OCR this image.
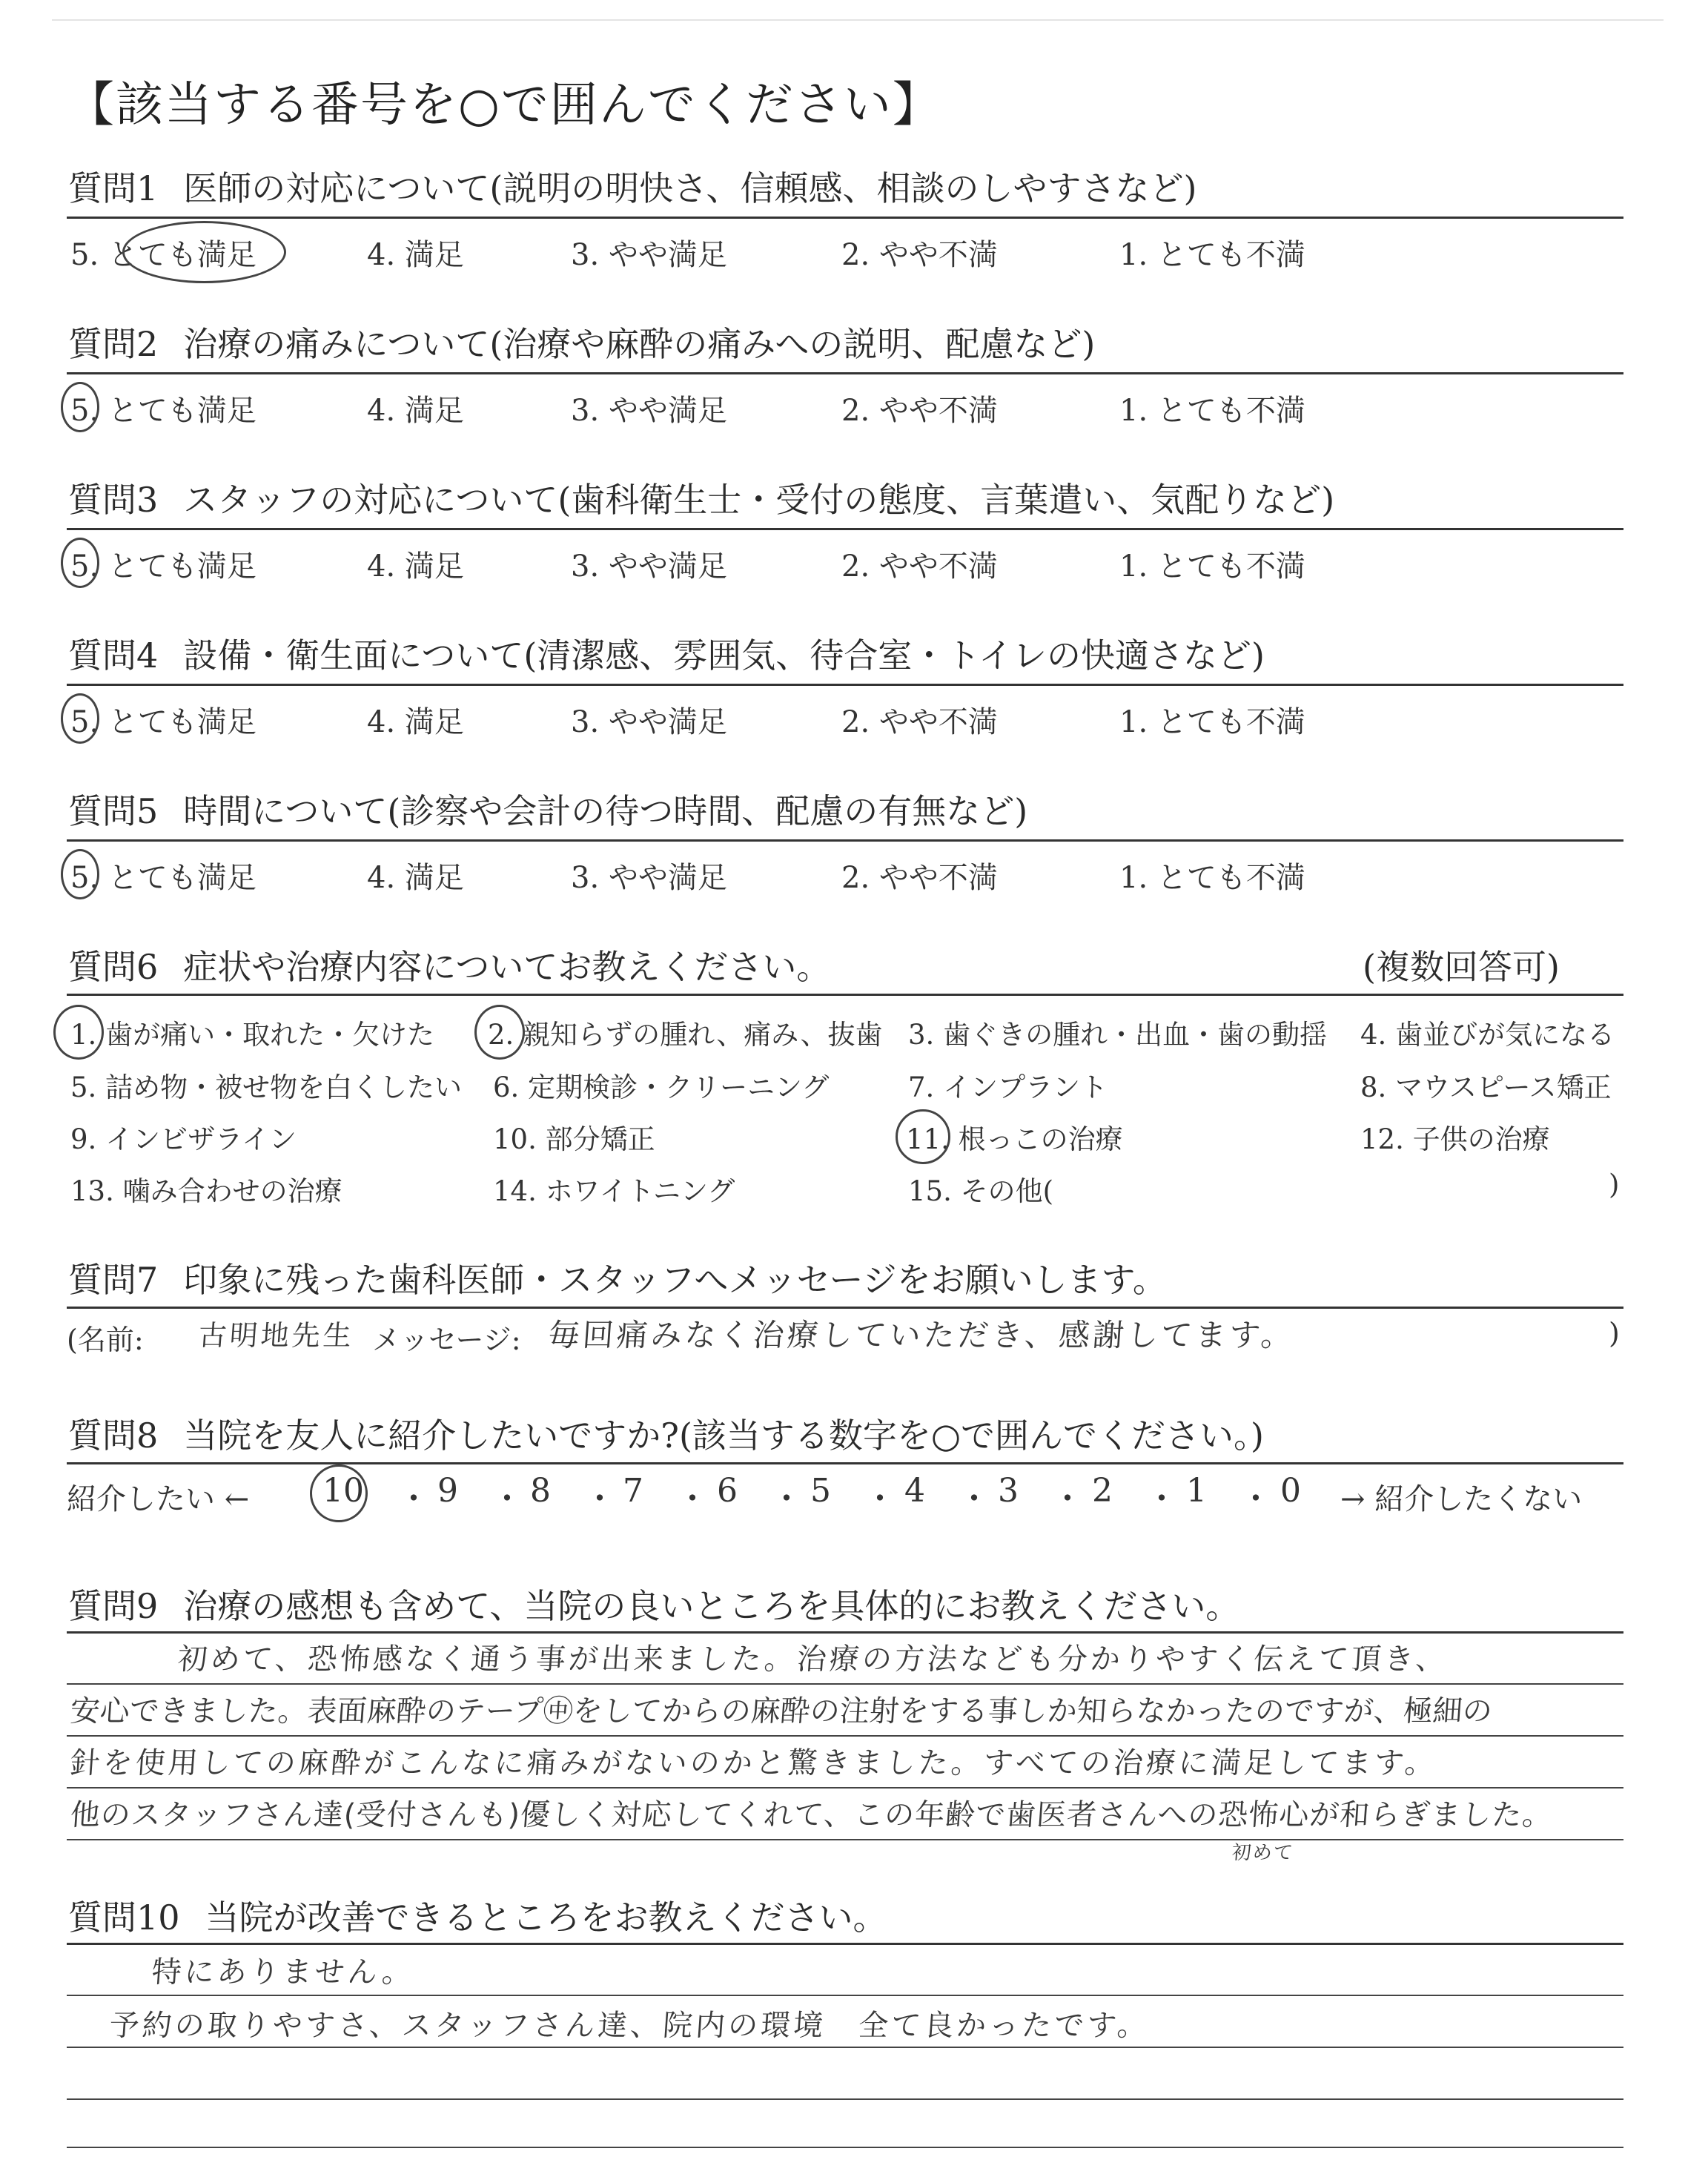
【該当する番号を○で囲んでください】
質問1 医師の対応について(説明の明快さ、信頼感、相談のしやすさなど)
5. とても満足	4. 満足	3. やや満足	2. やや不満	1. とても不満
質問2 治療の痛みについて(治療や麻酔の痛みへの説明、配慮など)
5. とても満足	4. 満足	3. やや満足	2. やや不満	1. とても不満
質問3 スタッフの対応について(歯科衛生士・受付の態度、言葉遣い、気配りなど)
5. とても満足	4. 満足	3. やや満足	2. やや不満	1. とても不満
質問4 設備・衛生面について(清潔感、雰囲気、待合室・トイレの快適さなど)
5. とても満足	4. 満足	3. やや満足	2. やや不満	1. とても不満
質問5 時間について(診察や会計の待つ時間、配慮の有無など)
5. とても満足	4. 満足	3. やや満足	2. やや不満	1. とても不満
質問6 症状や治療内容についてお教えください。	(複数回答可)
1. 歯が痛い・取れた・欠けた 2. 親知らずの腫れ、痛み、抜歯 3. 歯ぐきの腫れ・出血・歯の動揺 4. 歯並びが気になる
5. 詰め物・被せ物を白くしたい 6. 定期検診・クリーニング	7. インプラント	8. マウスピース矯正
9. インビザライン	10. 部分矯正	11. 根っこの治療	12. 子供の治療
13. 噛み合わせの治療	14. ホワイトニング	15. その他(	)
質問7 印象に残った歯科医師・スタッフへメッセージをお願いします。
(名前: 古明地先生 メッセージ: 毎回痛みなく治療していただき、感謝してます。	)
質問8 当院を友人に紹介したいですか?(該当する数字を○で囲んでください。)
紹介したい ← 10 ・ 9 ・ 8 ・ 7 ・ 6 ・ 5 ・ 4 ・ 3 ・ 2 ・ 1 ・ 0 → 紹介したくない
質問9 治療の感想も含めて、当院の良いところを具体的にお教えください。
初めて、恐怖感なく通う事が出来ました。治療の方法なども分かりやすく伝えて頂き、
安心できました。表面麻酔のテープ㊥をしてからの麻酔の注射をする事しか知らなかったのですが、極細の
針を使用しての麻酔がこんなに痛みがないのかと驚きました。すべての治療に満足してます。
他のスタッフさん達(受付さんも)優しく対応してくれて、この年齢で歯医者さんへの恐怖心が和らぎました。
初めて
質問10 当院が改善できるところをお教えください。
特にありません。
予約の取りやすさ、スタッフさん達、院内の環境　全て良かったです。
